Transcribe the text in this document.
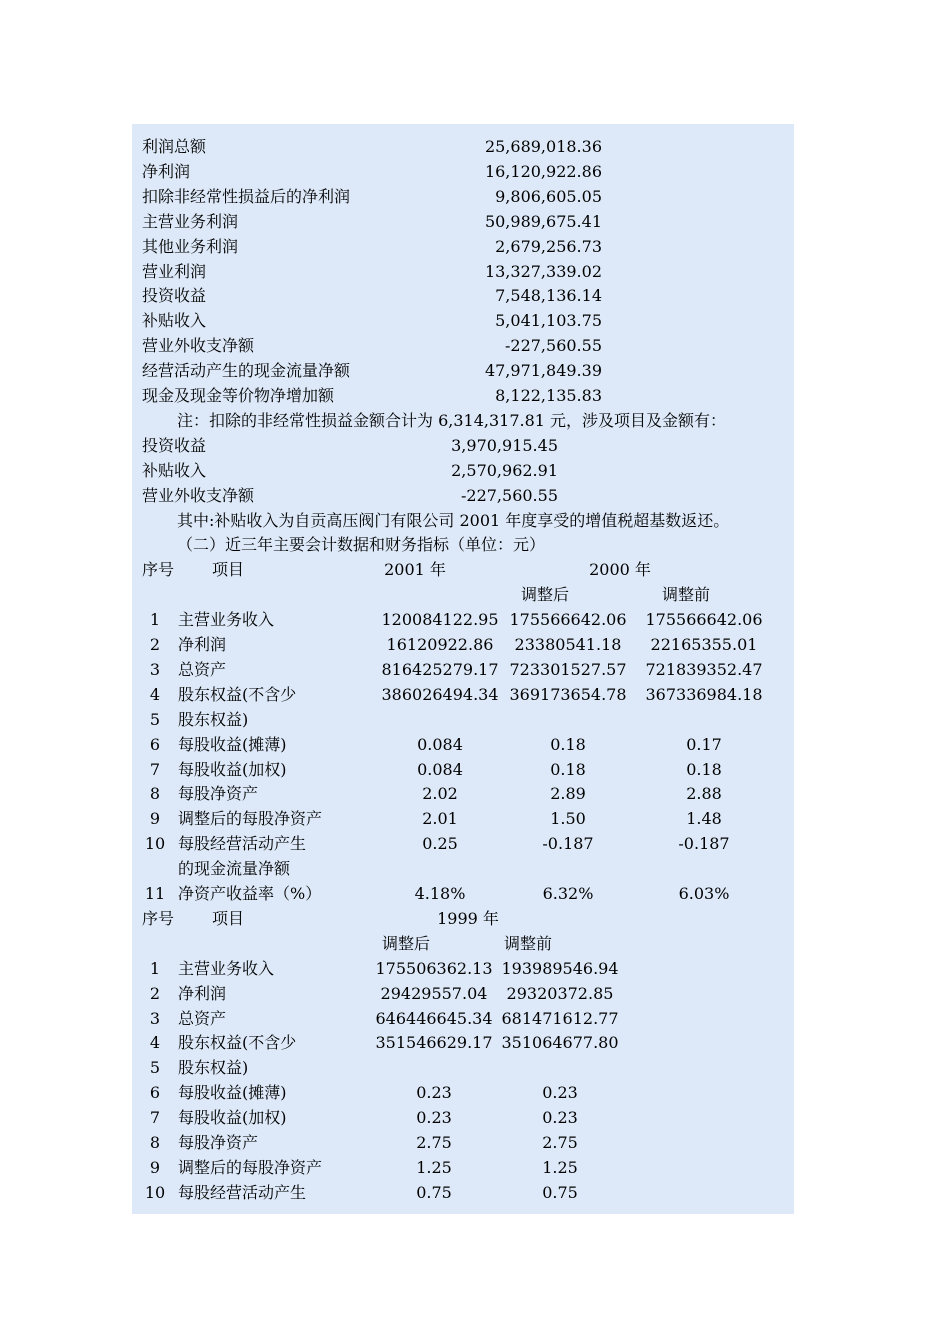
利润总额	25,689,018.36
净利润	16,120,922.86
扣除非经常性损益后的净利润	9,806,605.05
主营业务利润	50,989,675.41
其他业务利润	2,679,256.73
营业利润	13,327,339.02
投资收益	7,548,136.14
补贴收入	5,041,103.75
营业外收支净额	-227,560.55
经营活动产生的现金流量净额	47,971,849.39
现金及现金等价物净增加额	8,122,135.83
注：扣除的非经常性损益金额合计为 6,314,317.81 元，涉及项目及金额有：
投资收益	3,970,915.45
补贴收入	2,570,962.91
营业外收支净额	-227,560.55
其中:补贴收入为自贡高压阀门有限公司 2001 年度享受的增值税超基数返还。
（二）近三年主要会计数据和财务指标（单位：元）
序号 项目	2001 年	2000 年
调整后	调整前
1	主营业务收入	120084122.95 175566642.06 175566642.06
2	净利润	16120922.86	23380541.18	22165355.01
3	总资产	816425279.17 723301527.57 721839352.47
4	股东权益(不含少	386026494.34 369173654.78 367336984.18
5	股东权益)
6	每股收益(摊薄)	0.084	0.18	0.17
7	每股收益(加权)	0.084	0.18	0.18
8	每股净资产	2.02	2.89	2.88
9	调整后的每股净资产	2.01	1.50	1.48
10 每股经营活动产生	0.25	-0.187	-0.187
的现金流量净额
11 净资产收益率（%）	4.18%	6.32%	6.03%
序号 项目	1999 年
调整后	调整前
1	主营业务收入	175506362.13 193989546.94
2	净利润	29429557.04	29320372.85
3	总资产	646446645.34 681471612.77
4	股东权益(不含少	351546629.17 351064677.80
5	股东权益)
6	每股收益(摊薄)	0.23	0.23
7	每股收益(加权)	0.23	0.23
8	每股净资产	2.75	2.75
9	调整后的每股净资产	1.25	1.25
10 每股经营活动产生	0.75	0.75
